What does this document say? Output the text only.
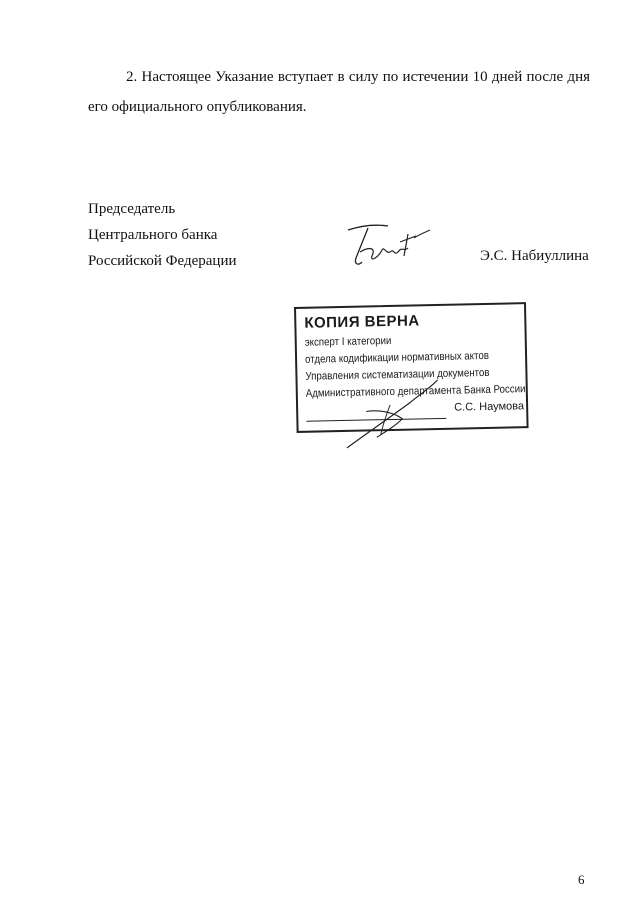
2. Настоящее Указание вступает в силу по истечении 10 дней после дня его официального опубликования.

Председатель
Центрального банка
Российской Федерации	Э.С. Набиуллина
КОПИЯ ВЕРНА
эксперт I категории
отдела кодификации нормативных актов
Управления систематизации документов
Административного департамента Банка России
С.С. Наумова
6
